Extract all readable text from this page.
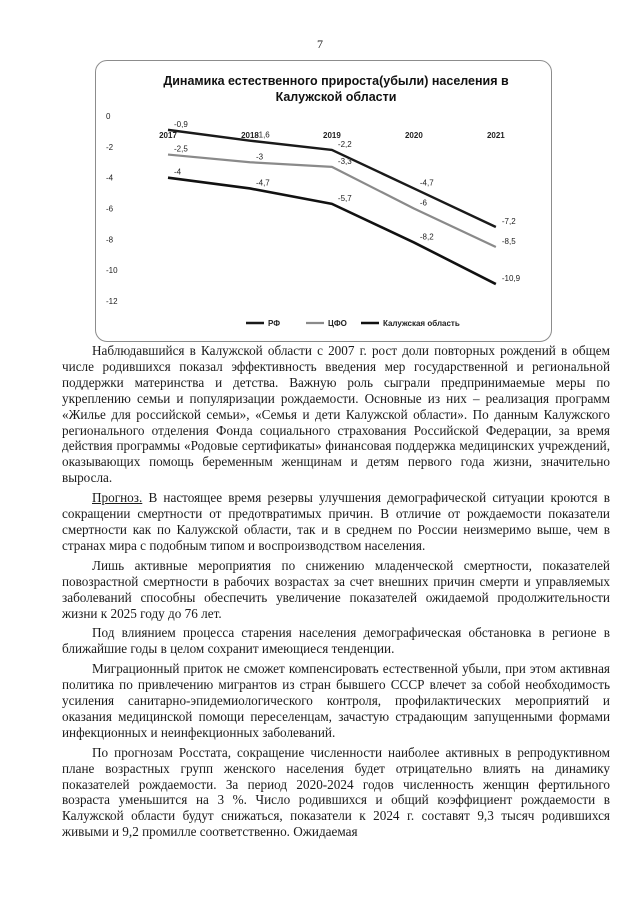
7
Динамика естественного прироста(убыли) населения в
Калужской области
0
-2
-4
-6
-8
-10
-12
2017	2018	2019	2020	2021
-0,9
-1,6
-2,2
-4,7
-7,2
-2,5
-3
-3,3
-6
-8,5
-4
-4,7
-5,7
-8,2
-10,9
РФ	ЦФО	Калужская область

Наблюдавшийся в Калужской области с 2007 г. рост доли повторных рождений в общем числе родившихся показал эффективность введения мер государственной и региональной поддержки материнства и детства. Важную роль сыграли предпринимаемые меры по укреплению семьи и популяризации рождаемости. Основные из них – реализация программ «Жилье для российской семьи», «Семья и дети Калужской области». По данным Калужского регионального отделения Фонда социального страхования Российской Федерации, за время действия программы «Родовые сертификаты» финансовая поддержка медицинских учреждений, оказывающих помощь беременным женщинам и детям первого года жизни, значительно выросла.

Прогноз. В настоящее время резервы улучшения демографической ситуации кроются в сокращении смертности от предотвратимых причин. В отличие от рождаемости показатели смертности как по Калужской области, так и в среднем по России неизмеримо выше, чем в странах мира с подобным типом и воспроизводством населения.

Лишь активные мероприятия по снижению младенческой смертности, показателей повозрастной смертности в рабочих возрастах за счет внешних причин смерти и управляемых заболеваний способны обеспечить увеличение показателей ожидаемой продолжительности жизни к 2025 году до 76 лет.

Под влиянием процесса старения населения демографическая обстановка в регионе в ближайшие годы в целом сохранит имеющиеся тенденции.

Миграционный приток не сможет компенсировать естественной убыли, при этом активная политика по привлечению мигрантов из стран бывшего СССР влечет за собой необходимость усиления санитарно-эпидемиологического контроля, профилактических мероприятий и оказания медицинской помощи переселенцам, зачастую страдающим запущенными формами инфекционных и неинфекционных заболеваний.

По прогнозам Росстата, сокращение численности наиболее активных в репродуктивном плане возрастных групп женского населения будет отрицательно влиять на динамику показателей рождаемости. За период 2020-2024 годов численность женщин фертильного возраста уменьшится на 3 %. Число родившихся и общий коэффициент рождаемости в Калужской области будут снижаться, показатели к 2024 г. составят 9,3 тысяч родившихся живыми и 9,2 промилле соответственно. Ожидаемая
